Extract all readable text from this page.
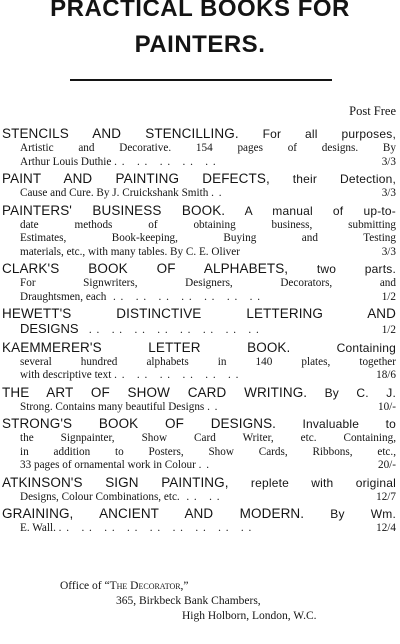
PRACTICAL BOOKS FOR
PAINTERS.
Post Free
STENCILS AND STENCILLING. For all purposes,
Artistic and Decorative. 154 pages of designs. By
Arthur Louis Duthie . .   . .   . .   . .   . .	3/3
PAINT AND PAINTING DEFECTS, their Detection,
Cause and Cure. By J. Cruickshank Smith . .	3/3
PAINTERS' BUSINESS BOOK. A manual of up-to-
date methods of obtaining business, submitting
Estimates, Book-keeping, Buying and Testing
materials, etc., with many tables. By C. E. Oliver	3/3
CLARK'S BOOK OF ALPHABETS, two parts.
For Signwriters, Designers, Decorators, and
Draughtsmen, each  . .   . .   . .   . .   . .   . .   . .	1/2
HEWETT'S DISTINCTIVE LETTERING AND
DESIGNS   . .   . .   . .   . .   . .   . .   . .   . .	1/2
KAEMMERER'S LETTER BOOK.	Containing
several hundred alphabets in 140 plates, together
with descriptive text . .   . .   . .   . .   . .   . .	18/6
THE ART OF SHOW CARD WRITING. By C. J.
Strong. Contains many beautiful Designs . .	10/-
STRONG'S BOOK OF DESIGNS. Invaluable to
the Signpainter, Show Card Writer, etc. Containing,
in addition to Posters, Show Cards, Ribbons, etc.,
33 pages of ornamental work in Colour . .	20/-
ATKINSON'S SIGN PAINTING, replete with original
Designs, Colour Combinations, etc.  . .   . .	12/7
GRAINING, ANCIENT AND MODERN. By Wm.
E. Wall. . .   . .   . .   . .   . .   . .   . .   . .   . .	12/4
Office of “The Decorator,”
365, Birkbeck Bank Chambers,
High Holborn, London, W.C.
